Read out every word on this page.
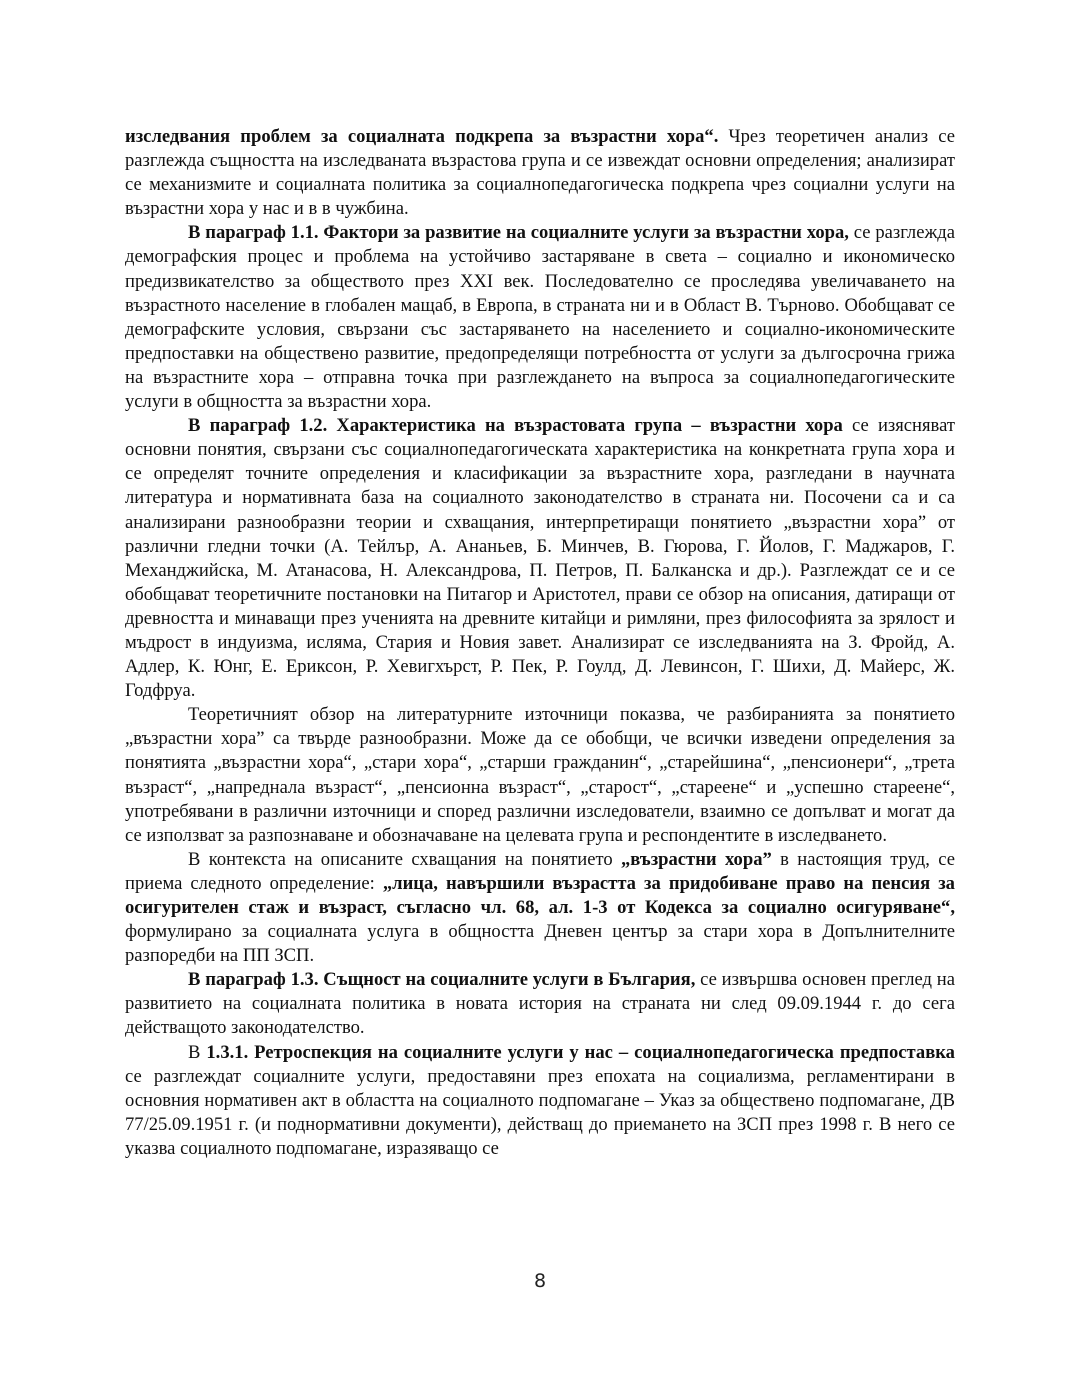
изследвания проблем за социалната подкрепа за възрастни хора“. Чрез теоретичен анализ се разглежда същността на изследваната възрастова група и се извеждат основни определения; анализират се механизмите и социалната политика за социалнопедагогическа подкрепа чрез социални услуги на възрастни хора у нас и в в чужбина.

В параграф 1.1. Фактори за развитие на социалните услуги за възрастни хора, се разглежда демографския процес и проблема на устойчиво застаряване в света – социално и икономическо предизвикателство за обществото през XXI век. Последователно се проследява увеличаването на възрастното население в глобален мащаб, в Европа, в страната ни и в Област В. Търново. Обобщават се демографските условия, свързани със застаряването на населението и социално-икономическите предпоставки на обществено развитие, предопределящи потребността от услуги за дългосрочна грижа на възрастните хора – отправна точка при разглеждането на въпроса за социалнопедагогическите услуги в общността за възрастни хора.

В параграф 1.2. Характеристика на възрастовата група – възрастни хора се изясняват основни понятия, свързани със социалнопедагогическата характеристика на конкретната група хора и се определят точните определения и класификации за възрастните хора, разгледани в научната литература и нормативната база на социалното законодателство в страната ни. Посочени са и са анализирани разнообразни теории и схващания, интерпретиращи понятието „възрастни хора” от различни гледни точки (А. Тейлър, А. Ананьев, Б. Минчев, В. Гюрова, Г. Йолов, Г. Маджаров, Г. Механджийска, М. Атанасова, Н. Александрова, П. Петров, П. Балканска и др.). Разглеждат се и се обобщават теоретичните постановки на Питагор и Аристотел, прави се обзор на описания, датиращи от древността и минаващи през ученията на древните китайци и римляни, през философията за зрялост и мъдрост в индуизма, исляма, Стария и Новия завет. Анализират се изследванията на З. Фройд, А. Адлер, К. Юнг, Е. Ериксон, Р. Хевигхърст, Р. Пек, Р. Гоулд, Д. Левинсон, Г. Шихи, Д. Майерс, Ж. Годфруа.

Теоретичният обзор на литературните източници показва, че разбиранията за понятието „възрастни хора” са твърде разнообразни. Може да се обобщи, че всички изведени определения за понятията „възрастни хора“, „стари хора“, „старши гражданин“, „старейшина“, „пенсионери“, „трета възраст“, „напреднала възраст“, „пенсионна възраст“, „старост“, „стареене“ и „успешно стареене“, употребявани в различни източници и според различни изследователи, взаимно се допълват и могат да се използват за разпознаване и обозначаване на целевата група и респондентите в изследването.

В контекста на описаните схващания на понятието „възрастни хора” в настоящия труд, се приема следното определение: „лица, навършили възрастта за придобиване право на пенсия за осигурителен стаж и възраст, съгласно чл. 68, ал. 1-3 от Кодекса за социално осигуряване“, формулирано за социалната услуга в общността Дневен център за стари хора в Допълнителните разпоредби на ПП ЗСП.

В параграф 1.3. Същност на социалните услуги в България, се извършва основен преглед на развитието на социалната политика в новата история на страната ни след 09.09.1944 г. до сега действащото законодателство.

В 1.3.1. Ретроспекция на социалните услуги у нас – социалнопедагогическа предпоставка се разглеждат социалните услуги, предоставяни през епохата на социализма, регламентирани в основния нормативен акт в областта на социалното подпомагане – Указ за обществено подпомагане, ДВ 77/25.09.1951 г. (и подноpмативни документи), действащ до приемането на ЗСП през 1998 г. В него се указва социалното подпомагане, изразяващо се

8
